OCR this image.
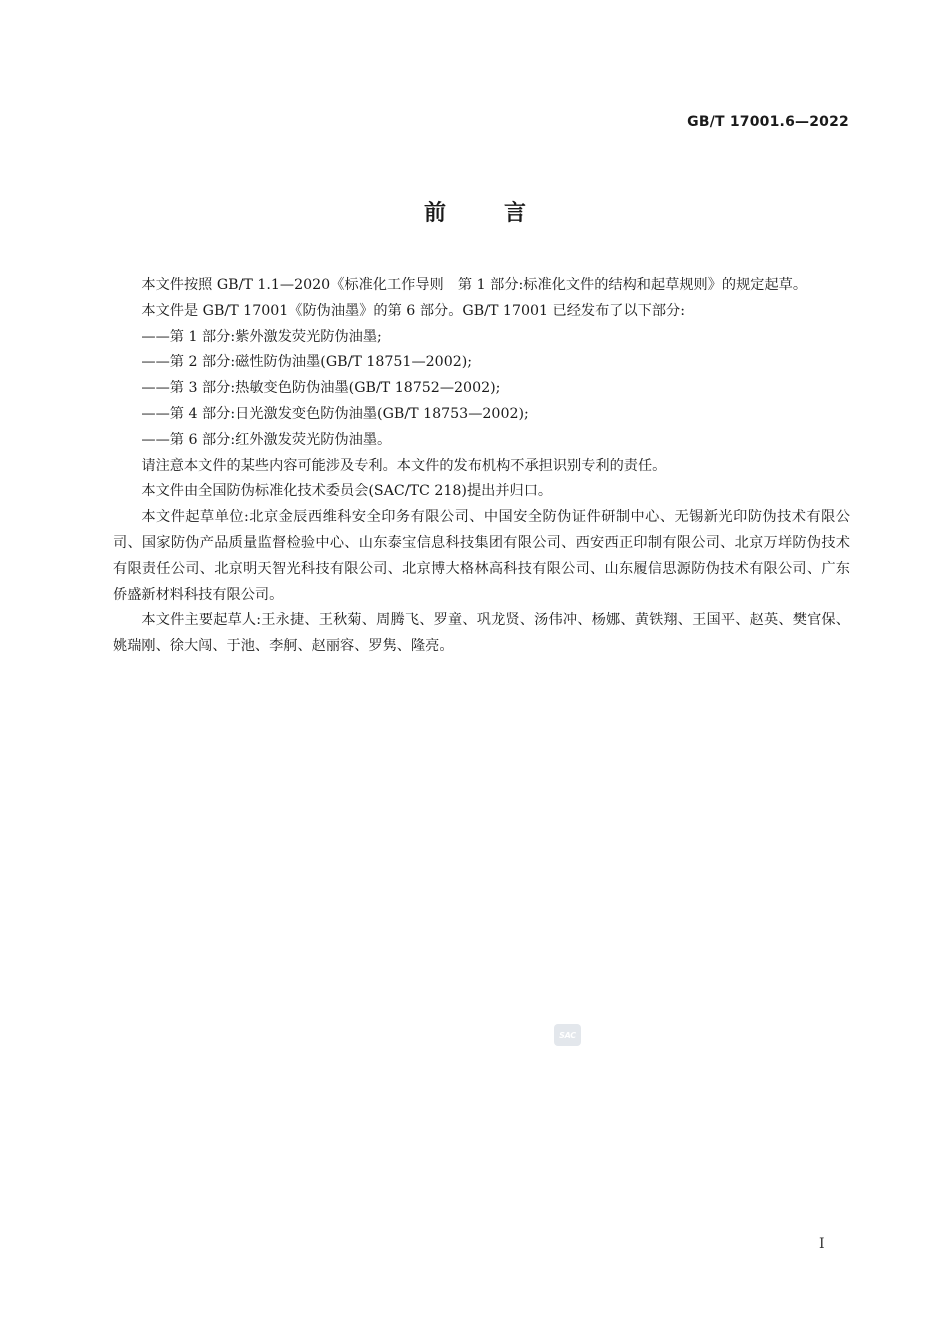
GB/T 17001.6—2022
前言

本文件按照 GB/T 1.1—2020《标准化工作导则　第 1 部分:标准化文件的结构和起草规则》的规定起草。

本文件是 GB/T 17001《防伪油墨》的第 6 部分。GB/T 17001 已经发布了以下部分:

——第 1 部分:紫外激发荧光防伪油墨;

——第 2 部分:磁性防伪油墨(GB/T 18751—2002);

——第 3 部分:热敏变色防伪油墨(GB/T 18752—2002);

——第 4 部分:日光激发变色防伪油墨(GB/T 18753—2002);

——第 6 部分:红外激发荧光防伪油墨。

请注意本文件的某些内容可能涉及专利。本文件的发布机构不承担识别专利的责任。

本文件由全国防伪标准化技术委员会(SAC/TC 218)提出并归口。

本文件起草单位:北京金辰西维科安全印务有限公司、中国安全防伪证件研制中心、无锡新光印防伪技术有限公司、国家防伪产品质量监督检验中心、山东泰宝信息科技集团有限公司、西安西正印制有限公司、北京万垟防伪技术有限责任公司、北京明天智光科技有限公司、北京博大格林高科技有限公司、山东履信思源防伪技术有限公司、广东侨盛新材料科技有限公司。

本文件主要起草人:王永捷、王秋菊、周腾飞、罗童、巩龙贤、汤伟冲、杨娜、黄铁翔、王国平、赵英、樊官保、姚瑞刚、徐大闯、于池、李舸、赵丽容、罗隽、隆亮。

SAC
I
